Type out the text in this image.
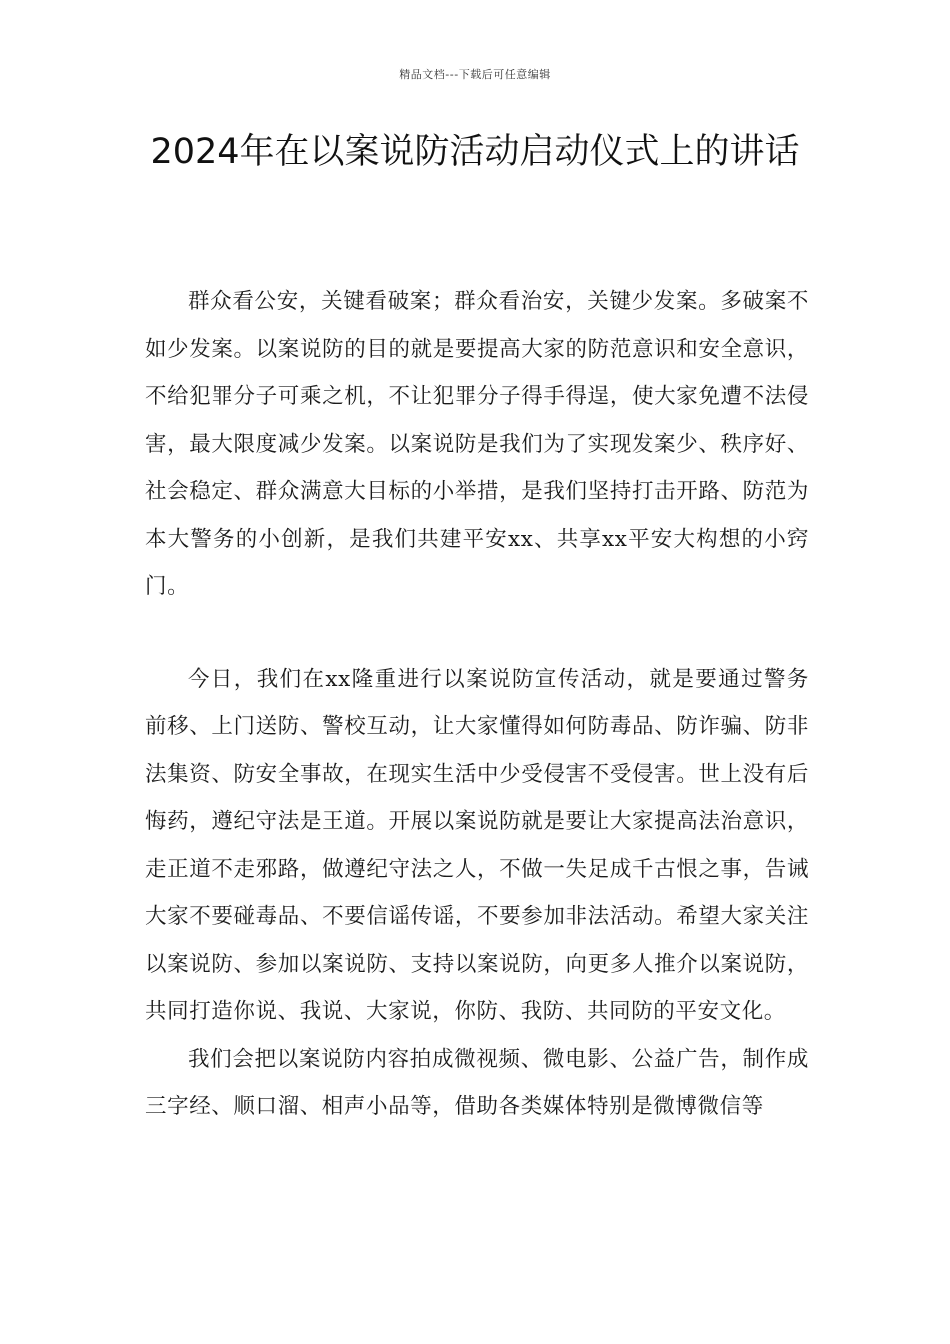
精品文档---下载后可任意编辑
2024年在以案说防活动启动仪式上的讲话

群众看公安，关键看破案；群众看治安，关键少发案。多破案不如少发案。以案说防的目的就是要提高大家的防范意识和安全意识，不给犯罪分子可乘之机，不让犯罪分子得手得逞，使大家免遭不法侵害，最大限度减少发案。以案说防是我们为了实现发案少、秩序好、社会稳定、群众满意大目标的小举措，是我们坚持打击开路、防范为本大警务的小创新，是我们共建平安xx、共享xx平安大构想的小窍门。

今日，我们在xx隆重进行以案说防宣传活动，就是要通过警务前移、上门送防、警校互动，让大家懂得如何防毒品、防诈骗、防非法集资、防安全事故，在现实生活中少受侵害不受侵害。世上没有后悔药，遵纪守法是王道。开展以案说防就是要让大家提高法治意识，走正道不走邪路，做遵纪守法之人，不做一失足成千古恨之事，告诫大家不要碰毒品、不要信谣传谣，不要参加非法活动。希望大家关注以案说防、参加以案说防、支持以案说防，向更多人推介以案说防，共同打造你说、我说、大家说，你防、我防、共同防的平安文化。

我们会把以案说防内容拍成微视频、微电影、公益广告，制作成三字经、顺口溜、相声小品等，借助各类媒体特别是微博微信等
